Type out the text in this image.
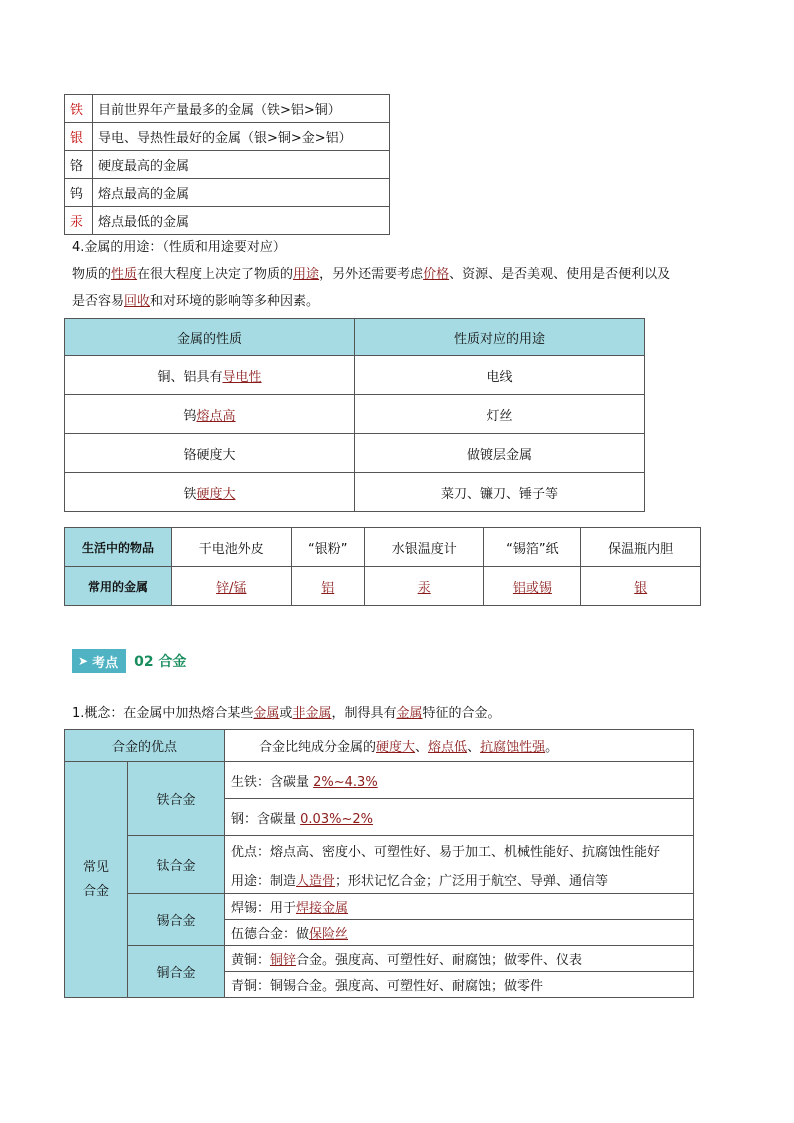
铁	目前世界年产量最多的金属（铁>铝>铜）
银	导电、导热性最好的金属（银>铜>金>铝）
铬	硬度最高的金属
钨	熔点最高的金属
汞	熔点最低的金属
4.金属的用途：（性质和用途要对应）
物质的性质在很大程度上决定了物质的用途，另外还需要考虑价格、资源、是否美观、使用是否便利以及
是否容易回收和对环境的影响等多种因素。
金属的性质	性质对应的用途
铜、铝具有导电性	电线
钨熔点高	灯丝
铬硬度大	做镀层金属
铁硬度大	菜刀、镰刀、锤子等
生活中的物品	干电池外皮	“银粉”	水银温度计	“锡箔”纸	保温瓶内胆
常用的金属	锌/锰	铝	汞	铝或锡	银
➤ 考点 02 合金
1.概念：在金属中加热熔合某些金属或非金属，制得具有金属特征的合金。
合金的优点		合金比纯成分金属的硬度大、熔点低、抗腐蚀性强。
常见合金	铁合金	生铁：含碳量 2%~4.3%
		钢：含碳量 0.03%~2%
	钛合金	优点：熔点高、密度小、可塑性好、易于加工、机械性能好、抗腐蚀性能好
		用途：制造人造骨；形状记忆合金；广泛用于航空、导弹、通信等
	锡合金	焊锡：用于焊接金属
		伍德合金：做保险丝
	铜合金	黄铜：铜锌合金。强度高、可塑性好、耐腐蚀；做零件、仪表
		青铜：铜锡合金。强度高、可塑性好、耐腐蚀；做零件
